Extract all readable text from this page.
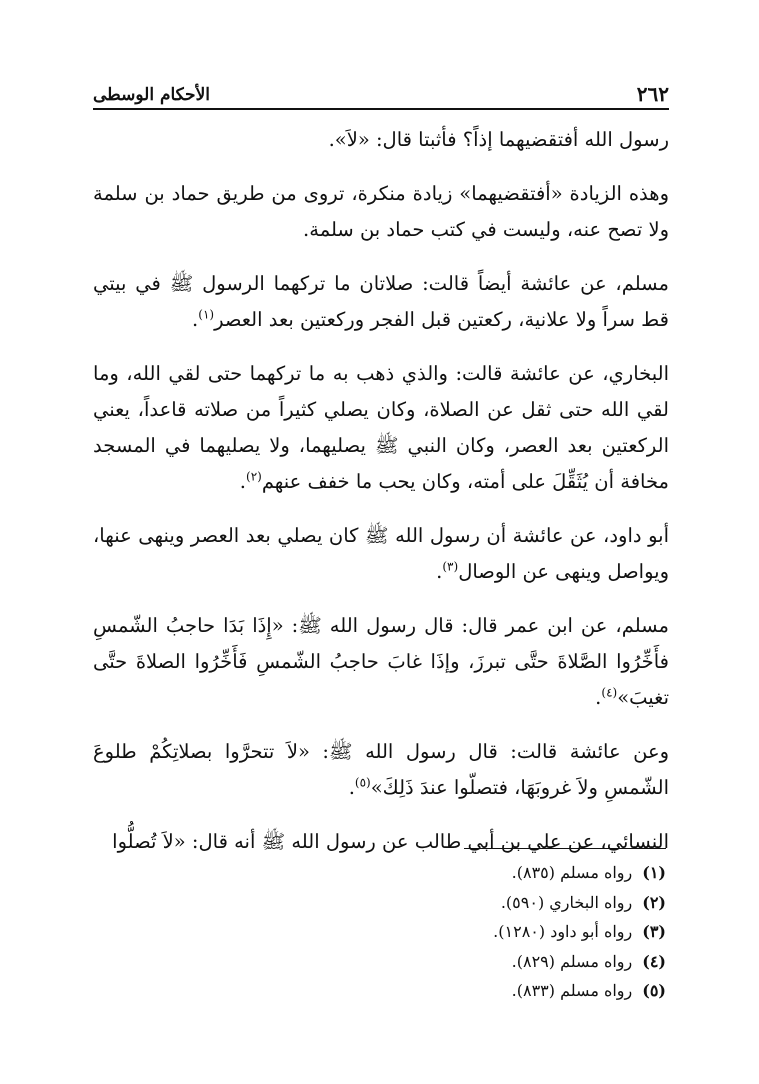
٢٦٢
الأحكام الوسطى

رسول الله أفتقضيهما إذاً؟ فأثبتا قال: «لاَ».

وهذه الزيادة «أفتقضيهما» زيادة منكرة، تروى من طريق حماد بن سلمة ولا تصح عنه، وليست في كتب حماد بن سلمة.

مسلم، عن عائشة أيضاً قالت: صلاتان ما تركهما الرسول ﷺ في بيتي قط سراً ولا علانية، ركعتين قبل الفجر وركعتين بعد العصر$^{(١)}$.

البخاري، عن عائشة قالت: والذي ذهب به ما تركهما حتى لقي الله، وما لقي الله حتى ثقل عن الصلاة، وكان يصلي كثيراً من صلاته قاعداً، يعني الركعتين بعد العصر، وكان النبي ﷺ يصليهما، ولا يصليهما في المسجد مخافة أن يُثَقِّلَ على أمته، وكان يحب ما خفف عنهم$^{(٢)}$.

أبو داود، عن عائشة أن رسول الله ﷺ كان يصلي بعد العصر وينهى عنها، ويواصل وينهى عن الوصال$^{(٣)}$.

مسلم، عن ابن عمر قال: قال رسول الله ﷺ: «إِذَا بَدَا حاجبُ الشّمسِ فأَخِّرُوا الصَّلاةَ حتَّى تبرزَ، وإذَا غابَ حاجبُ الشّمسِ فَأَخِّرُوا الصلاةَ حتَّى تغيبَ»$^{(٤)}$.

وعن عائشة قالت: قال رسول الله ﷺ: «لاَ تتحرَّوا بصلاتِكُمْ طلوعَ الشّمسِ ولاَ غروبَهَا، فتصلّوا عندَ ذَلِكَ»$^{(٥)}$.

النسائي، عن علي بن أبي طالب عن رسول الله ﷺ أنه قال: «لاَ تُصلُّوا

(١)
رواه مسلم (٨٣٥).
(٢)
رواه البخاري (٥٩٠).
(٣)
رواه أبو داود (١٢٨٠).
(٤)
رواه مسلم (٨٢٩).
(٥)
رواه مسلم (٨٣٣).
